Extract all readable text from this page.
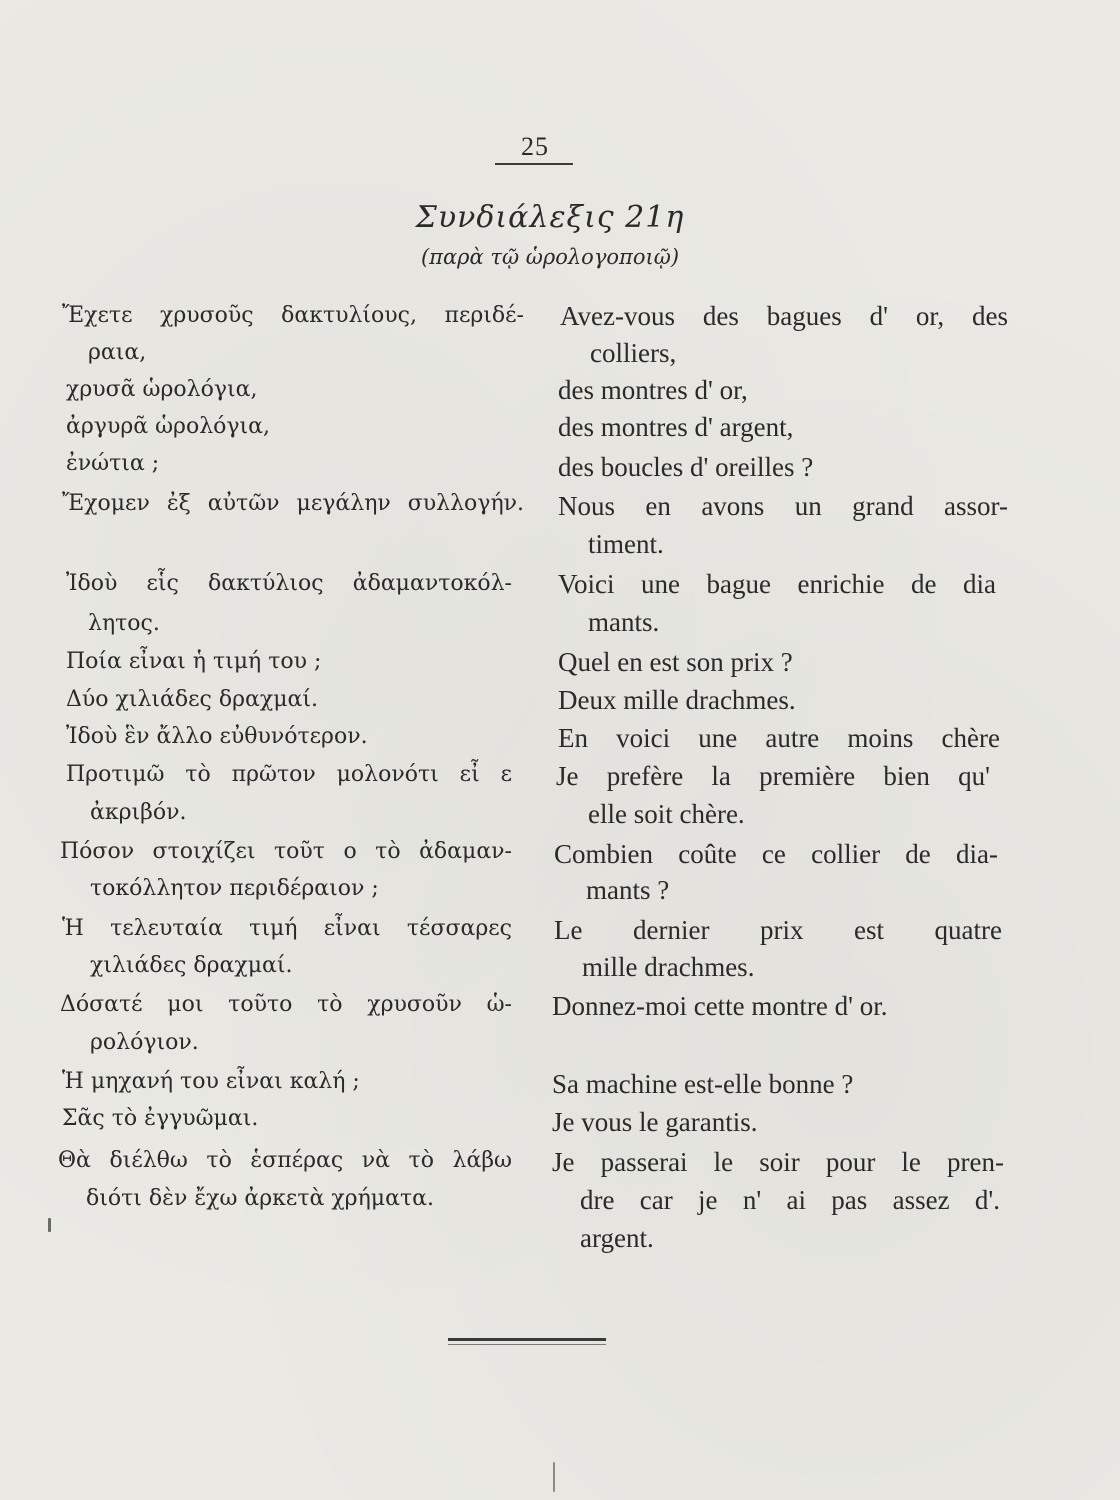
25
Συνδιάλεξις 21η
(παρὰ τῷ ὡρολογοποιῷ)
Ἔχετε χρυσοῦς δακτυλίους, περιδέ-
ραια,
χρυσᾶ ὡρολόγια,
ἀργυρᾶ ὡρολόγια,
ἐνώτια ;
Ἔχομεν ἐξ αὐτῶν μεγάλην συλλογήν.
Ἰδοὺ εἷς δακτύλιος ἀδαμαντοκόλ-
λητος.
Ποία εἶναι ἡ τιμή του ;
Δύο χιλιάδες δραχμαί.
Ἰδοὺ ἓν ἄλλο εὐθυνότερον.
Προτιμῶ τὸ πρῶτον μολονότι εἶ ε
ἀκριβόν.
Πόσον στοιχίζει τοῦτ ο τὸ ἀδαμαν-
τοκόλλητον περιδέραιον ;
Ἡ τελευταία τιμή εἶναι τέσσαρες
χιλιάδες δραχμαί.
Δόσατέ μοι τοῦτο τὸ χρυσοῦν ὡ-
ρολόγιον.
Ἡ μηχανή του εἶναι καλή ;
Σᾶς τὸ ἐγγυῶμαι.
Θὰ διέλθω τὸ ἑσπέρας νὰ τὸ λάβω
διότι δὲν ἔχω ἀρκετὰ χρήματα.
Avez-vous des bagues d' or, des
colliers,
des montres d' or,
des montres d' argent,
des boucles d' oreilles ?
Nous en avons un grand assor-
timent.
Voici une bague enrichie de dia
mants.
Quel en est son prix ?
Deux mille drachmes.
En voici une autre moins chère
Je prefère la première bien qu'
elle soit chère.
Combien coûte ce collier de dia-
mants ?
Le dernier prix est quatre
mille drachmes.
Donnez-moi cette montre d' or.
Sa machine est-elle bonne ?
Je vous le garantis.
Je passerai le soir pour le pren-
dre car je n' ai pas assez d'.
argent.
